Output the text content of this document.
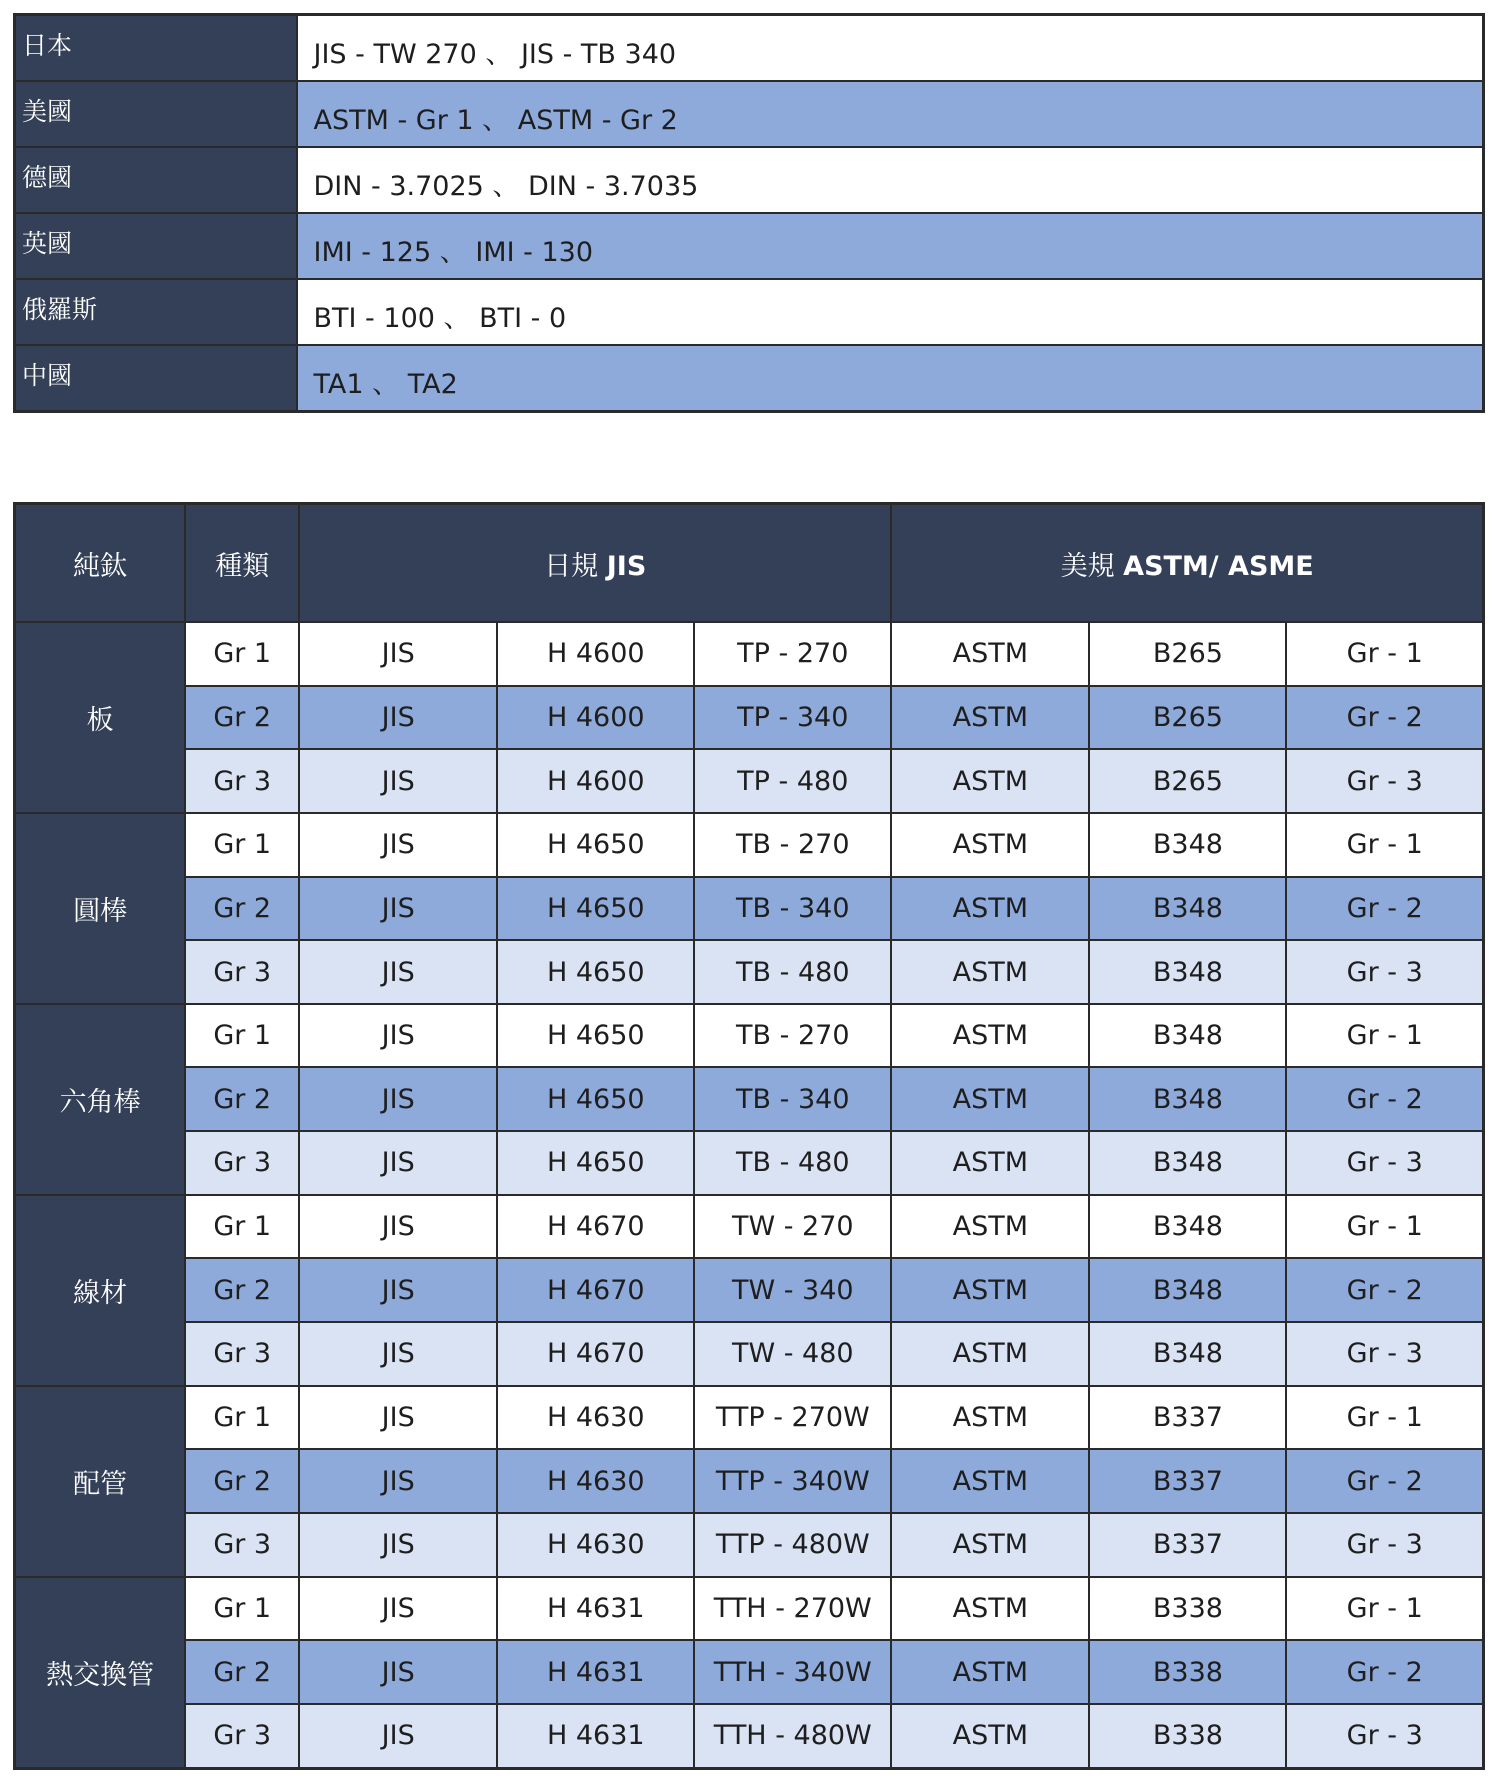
日本	JIS - TW 270 、 JIS - TB 340
美國	ASTM - Gr 1 、 ASTM - Gr 2
德國	DIN - 3.7025 、 DIN - 3.7035
英國	IMI - 125 、 IMI - 130
俄羅斯	BTI - 100 、 BTI - 0
中國	TA1 、 TA2
純鈦	種類	日規 JIS			美規 ASTM/ ASME		
板	Gr 1	JIS	H 4600	TP - 270	ASTM	B265	Gr - 1
	Gr 2	JIS	H 4600	TP - 340	ASTM	B265	Gr - 2
	Gr 3	JIS	H 4600	TP - 480	ASTM	B265	Gr - 3
圓棒	Gr 1	JIS	H 4650	TB - 270	ASTM	B348	Gr - 1
	Gr 2	JIS	H 4650	TB - 340	ASTM	B348	Gr - 2
	Gr 3	JIS	H 4650	TB - 480	ASTM	B348	Gr - 3
六角棒	Gr 1	JIS	H 4650	TB - 270	ASTM	B348	Gr - 1
	Gr 2	JIS	H 4650	TB - 340	ASTM	B348	Gr - 2
	Gr 3	JIS	H 4650	TB - 480	ASTM	B348	Gr - 3
線材	Gr 1	JIS	H 4670	TW - 270	ASTM	B348	Gr - 1
	Gr 2	JIS	H 4670	TW - 340	ASTM	B348	Gr - 2
	Gr 3	JIS	H 4670	TW - 480	ASTM	B348	Gr - 3
配管	Gr 1	JIS	H 4630	TTP - 270W	ASTM	B337	Gr - 1
	Gr 2	JIS	H 4630	TTP - 340W	ASTM	B337	Gr - 2
	Gr 3	JIS	H 4630	TTP - 480W	ASTM	B337	Gr - 3
熱交換管	Gr 1	JIS	H 4631	TTH - 270W	ASTM	B338	Gr - 1
	Gr 2	JIS	H 4631	TTH - 340W	ASTM	B338	Gr - 2
	Gr 3	JIS	H 4631	TTH - 480W	ASTM	B338	Gr - 3
